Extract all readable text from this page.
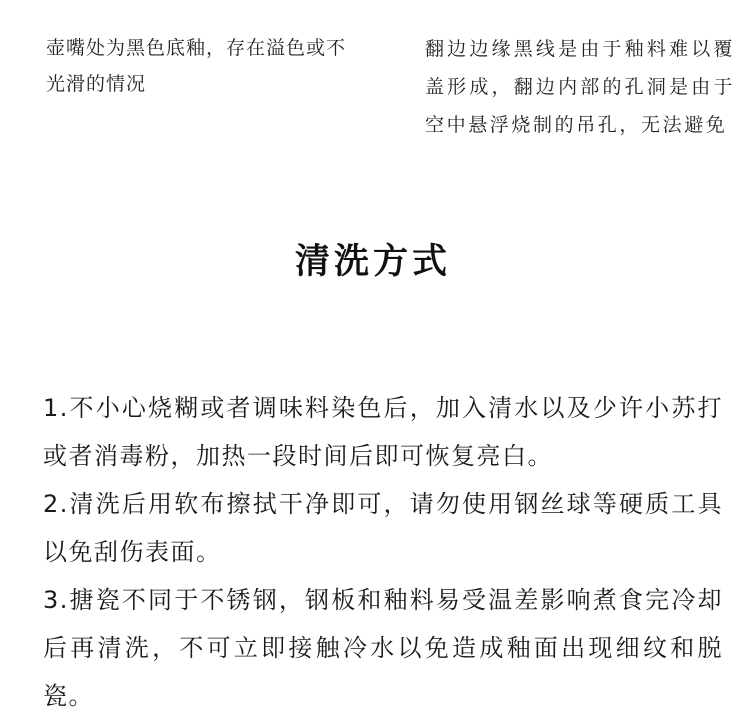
壶嘴处为黑色底釉，存在溢色或不光滑的情况
翻边边缘黑线是由于釉料难以覆盖形成，翻边内部的孔洞是由于空中悬浮烧制的吊孔，无法避免
清洗方式
1.不小心烧糊或者调味料染色后，加入清水以及少许小苏打或者消毒粉，加热一段时间后即可恢复亮白。
2.清洗后用软布擦拭干净即可，请勿使用钢丝球等硬质工具以免刮伤表面。
3.搪瓷不同于不锈钢，钢板和釉料易受温差影响煮食完冷却后再清洗，不可立即接触冷水以免造成釉面出现细纹和脱瓷。
